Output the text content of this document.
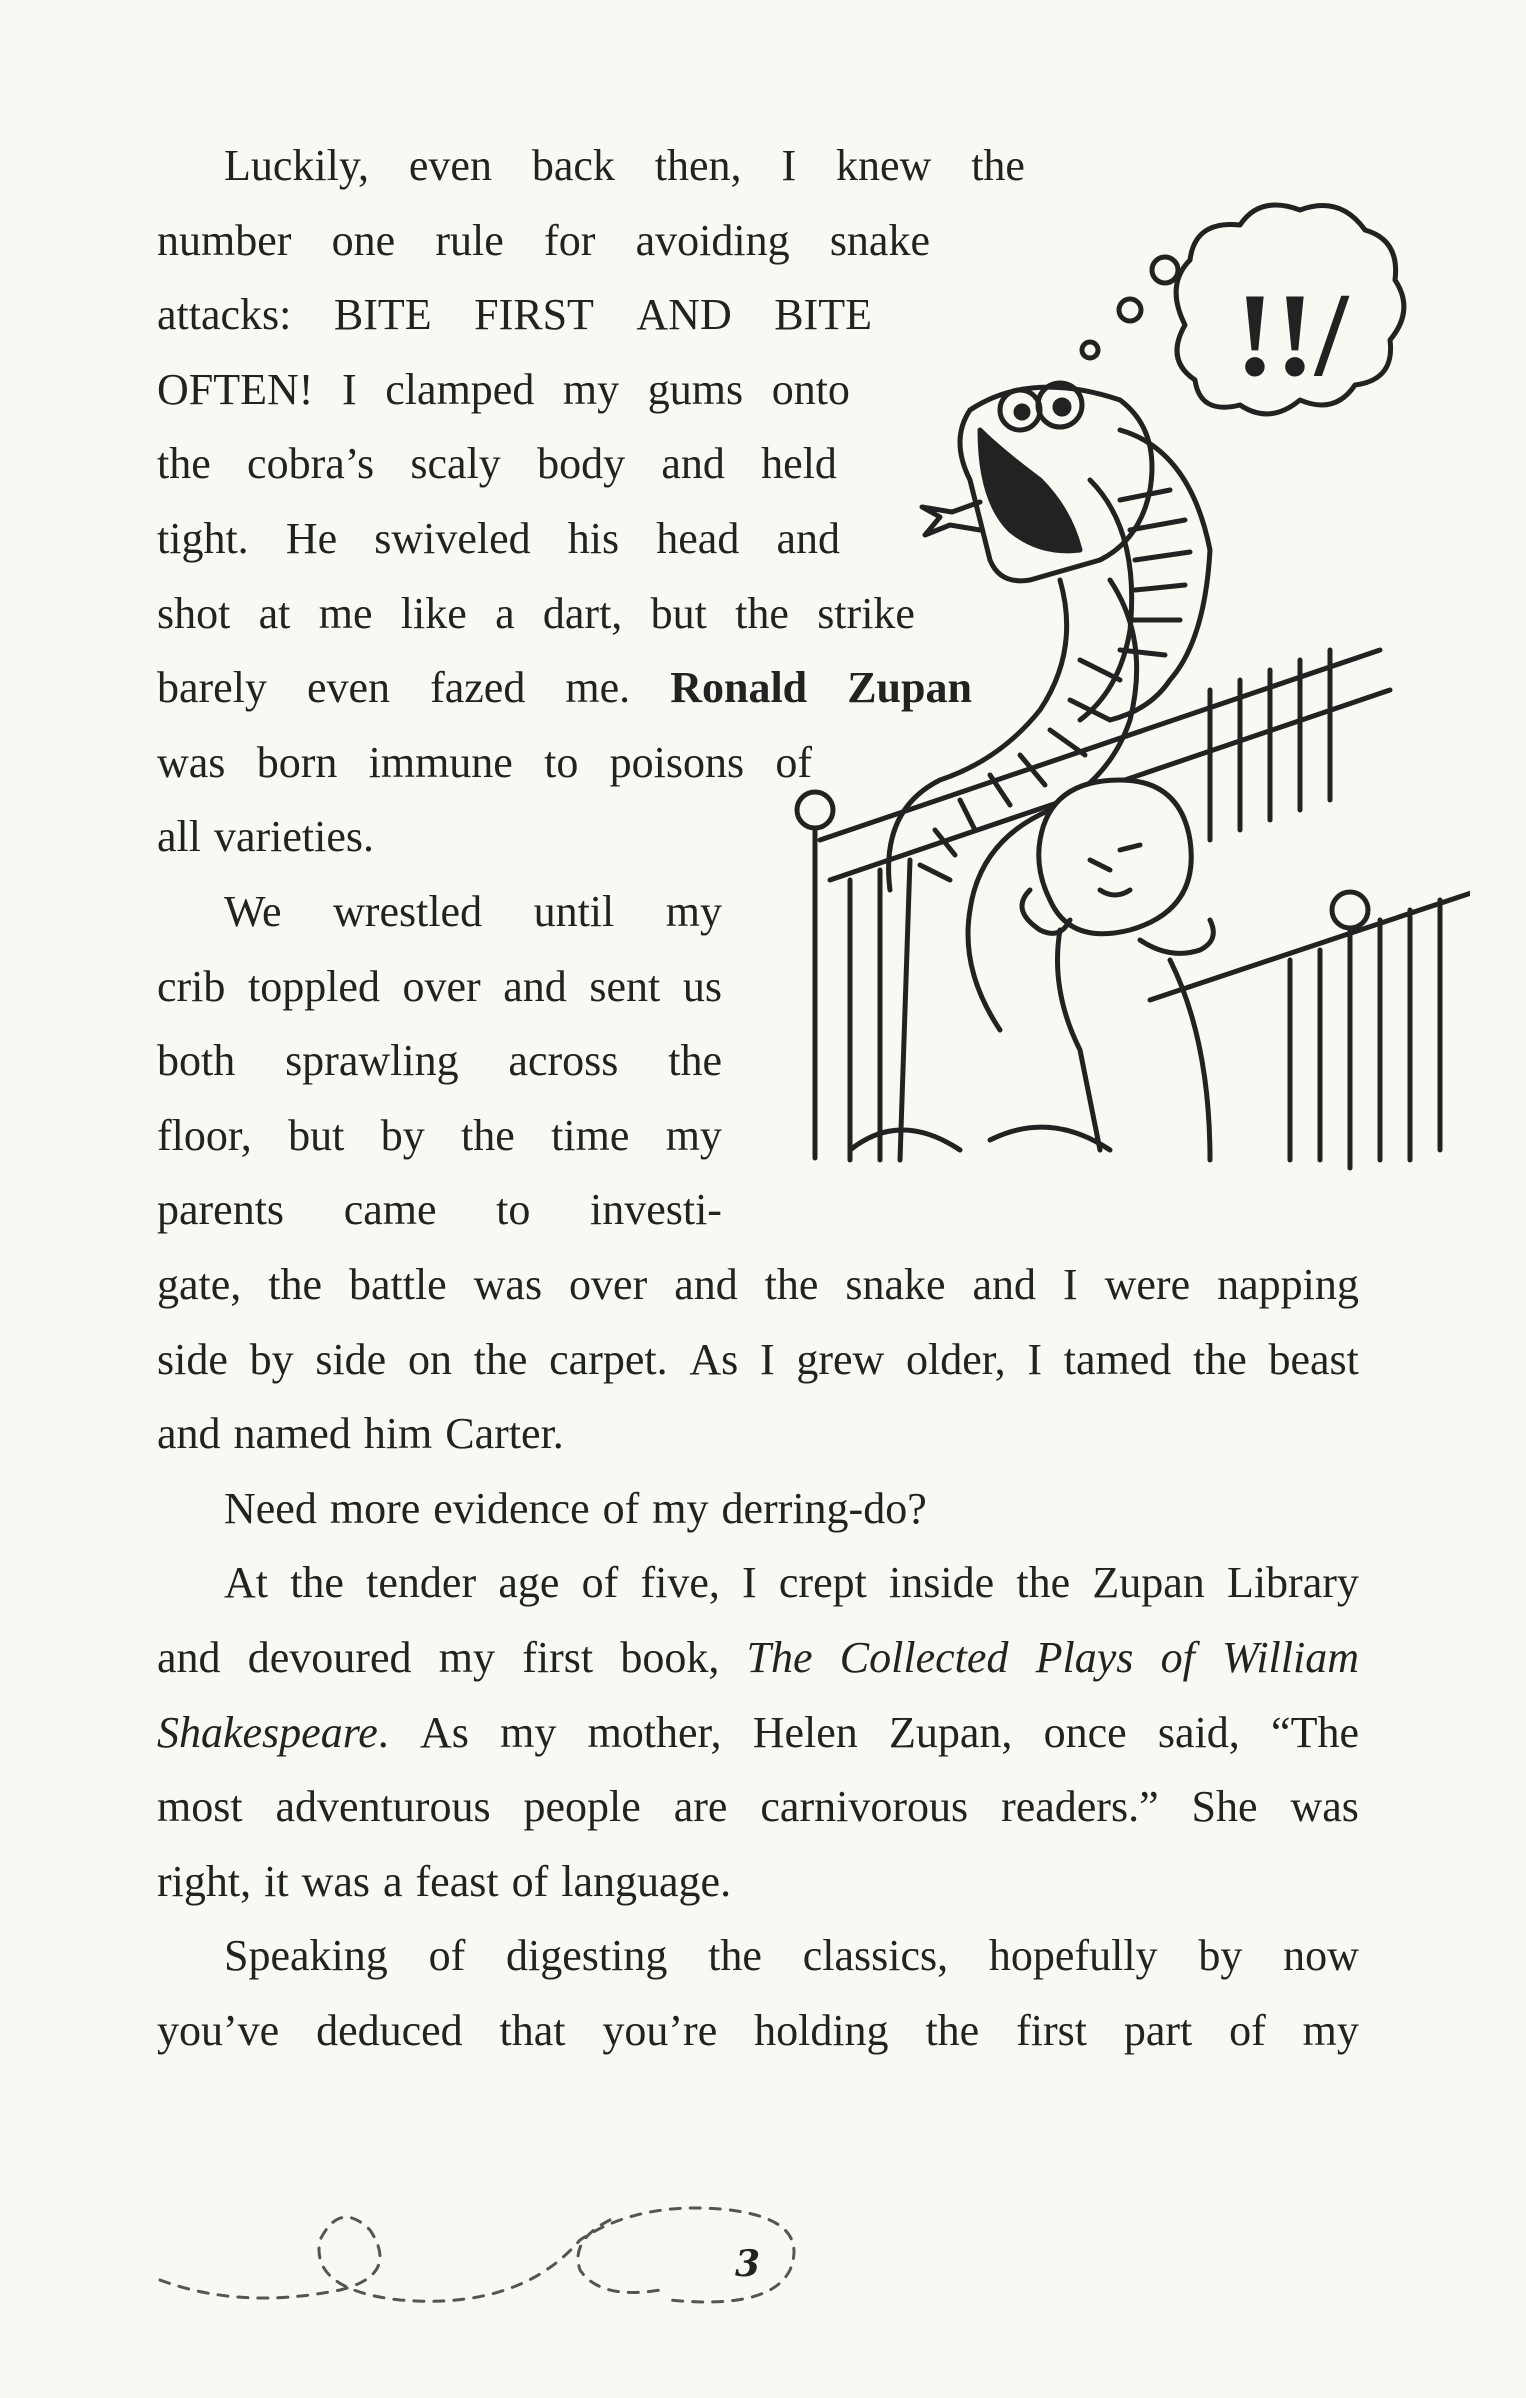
Luckily, even back then, I knew the
number one rule for avoiding snake
attacks: BITE FIRST AND BITE
OFTEN! I clamped my gums onto
the cobra’s scaly body and held
tight. He swiveled his head and
shot at me like a dart, but the strike
barely even fazed me. Ronald Zupan
was born immune to poisons of
all varieties.
We wrestled until my
crib toppled over and sent us
both sprawling across the
floor, but by the time my
parents came to investi-
gate, the battle was over and the snake and I were napping
side by side on the carpet. As I grew older, I tamed the beast
and named him Carter.
Need more evidence of my derring-do?
At the tender age of five, I crept inside the Zupan Library
and devoured my first book, The Collected Plays of William
Shakespeare. As my mother, Helen Zupan, once said, “The
most adventurous people are carnivorous readers.” She was
right, it was a feast of language.
Speaking of digesting the classics, hopefully by now
you’ve deduced that you’re holding the first part of my
!!/
3
